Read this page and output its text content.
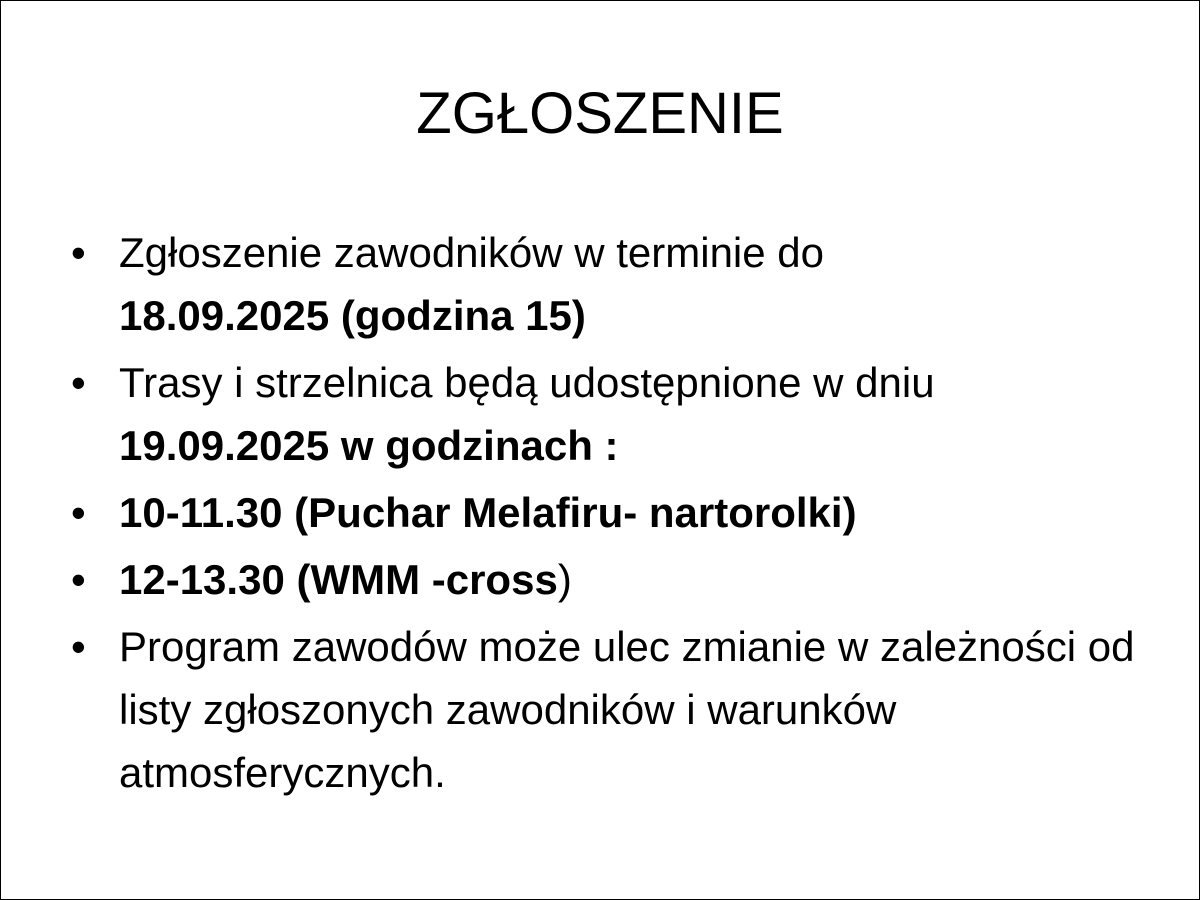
ZGŁOSZENIE
• Zgłoszenie zawodników w terminie do
18.09.2025 (godzina 15)
• Trasy i strzelnica będą udostępnione w dniu
19.09.2025 w godzinach :
• 10-11.30 (Puchar Melafiru- nartorolki)
• 12-13.30 (WMM -cross)
• Program zawodów może ulec zmianie w zależności od listy zgłoszonych zawodników i warunków atmosferycznych.
